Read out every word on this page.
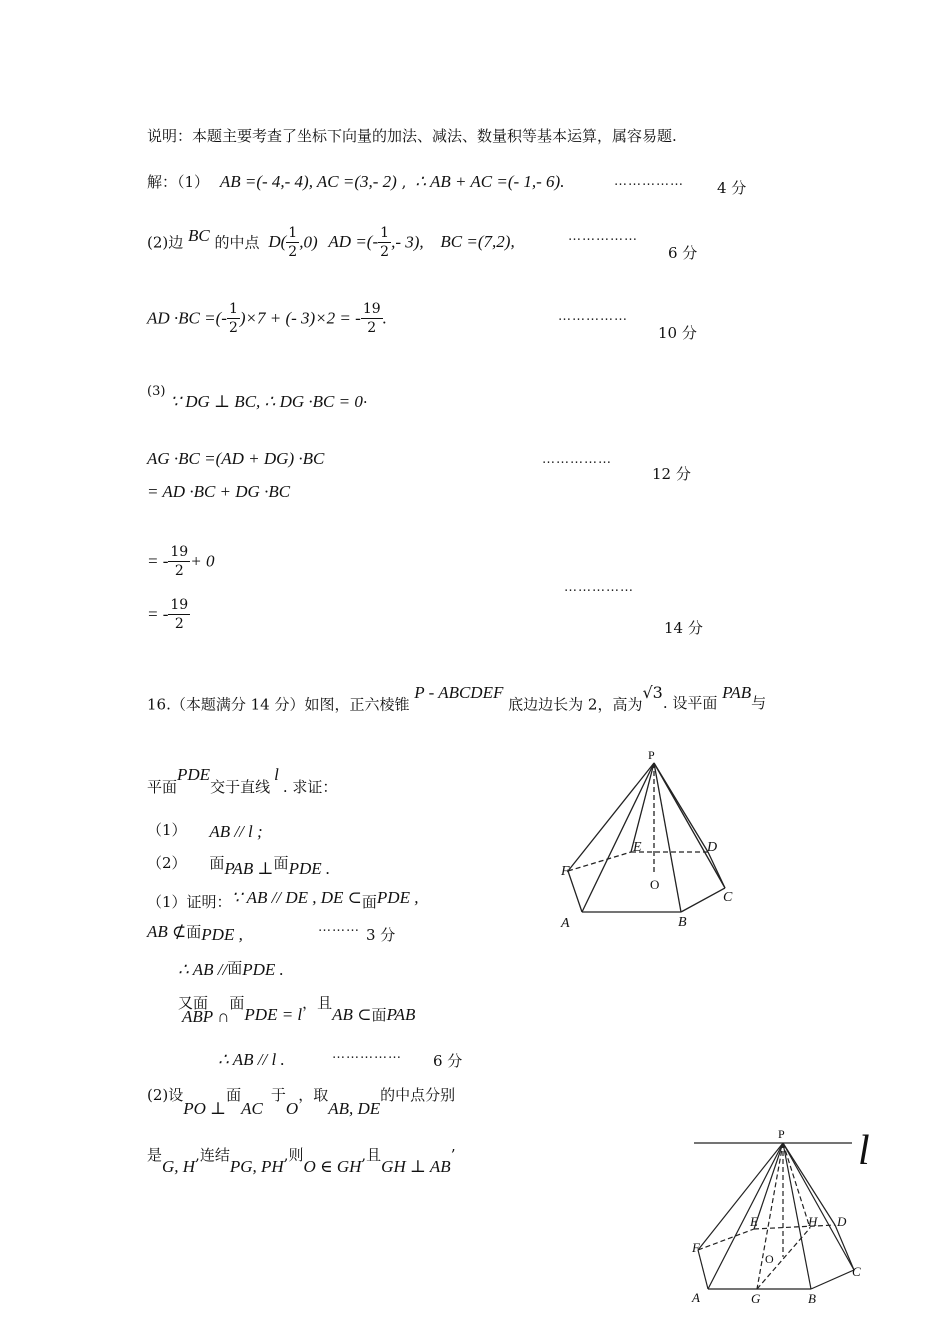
说明：本题主要考查了坐标下向量的加法、减法、数量积等基本运算，属容易题.
解：（1） AB =(- 4,- 4), AC =(3,- 2) , ∴ AB + AC =(- 1,- 6).	…………… 4 分
(2)边 BC 的中点 $D( \frac{1}{2} ,0)$ AD =(- $\frac{1}{2}$ ,- 3), BC =(7,2),	……………
6 分
AD ·BC =(- $\frac{1}{2} )\times 7$ + (- 3)×2 = - $\frac{19}{2}$ .	……………
10 分
(3) ∵ DG ⊥ BC, ∴ DG ·BC = 0.
AG ·BC =(AD + DG) ·BC	……………
12 分
= AD ·BC + DG ·BC
= - $\frac{19}{2} + 0$
= - $\frac{19}{2}$
……………
14 分
16.（本题满分 14 分）如图，正六棱锥 P - ABCDEF 底边边长为 2，高为√3. 设平面 PAB与
平面PDE交于直线l. 求证：
（1） AB // l ;
（2） 面PAB ⊥面PDE .
（1）证明：∵ AB // DE , DE ⊂面PDE ,
AB ⊄面PDE ,	……… 3 分
∴ AB //面PDE .
又面ABP ∩面PDE = l，且AB ⊂面PAB
∴ AB // l .	…………… 6 分
(2)设PO ⊥面AC于O，取AB, DE的中点分别
是G, H,连结PG, PH,则O ∈ GH,且GH ⊥ AB’
P
A	B
C
D
E
F
O
P l
A	G	B
C
D
H
E
F
O
